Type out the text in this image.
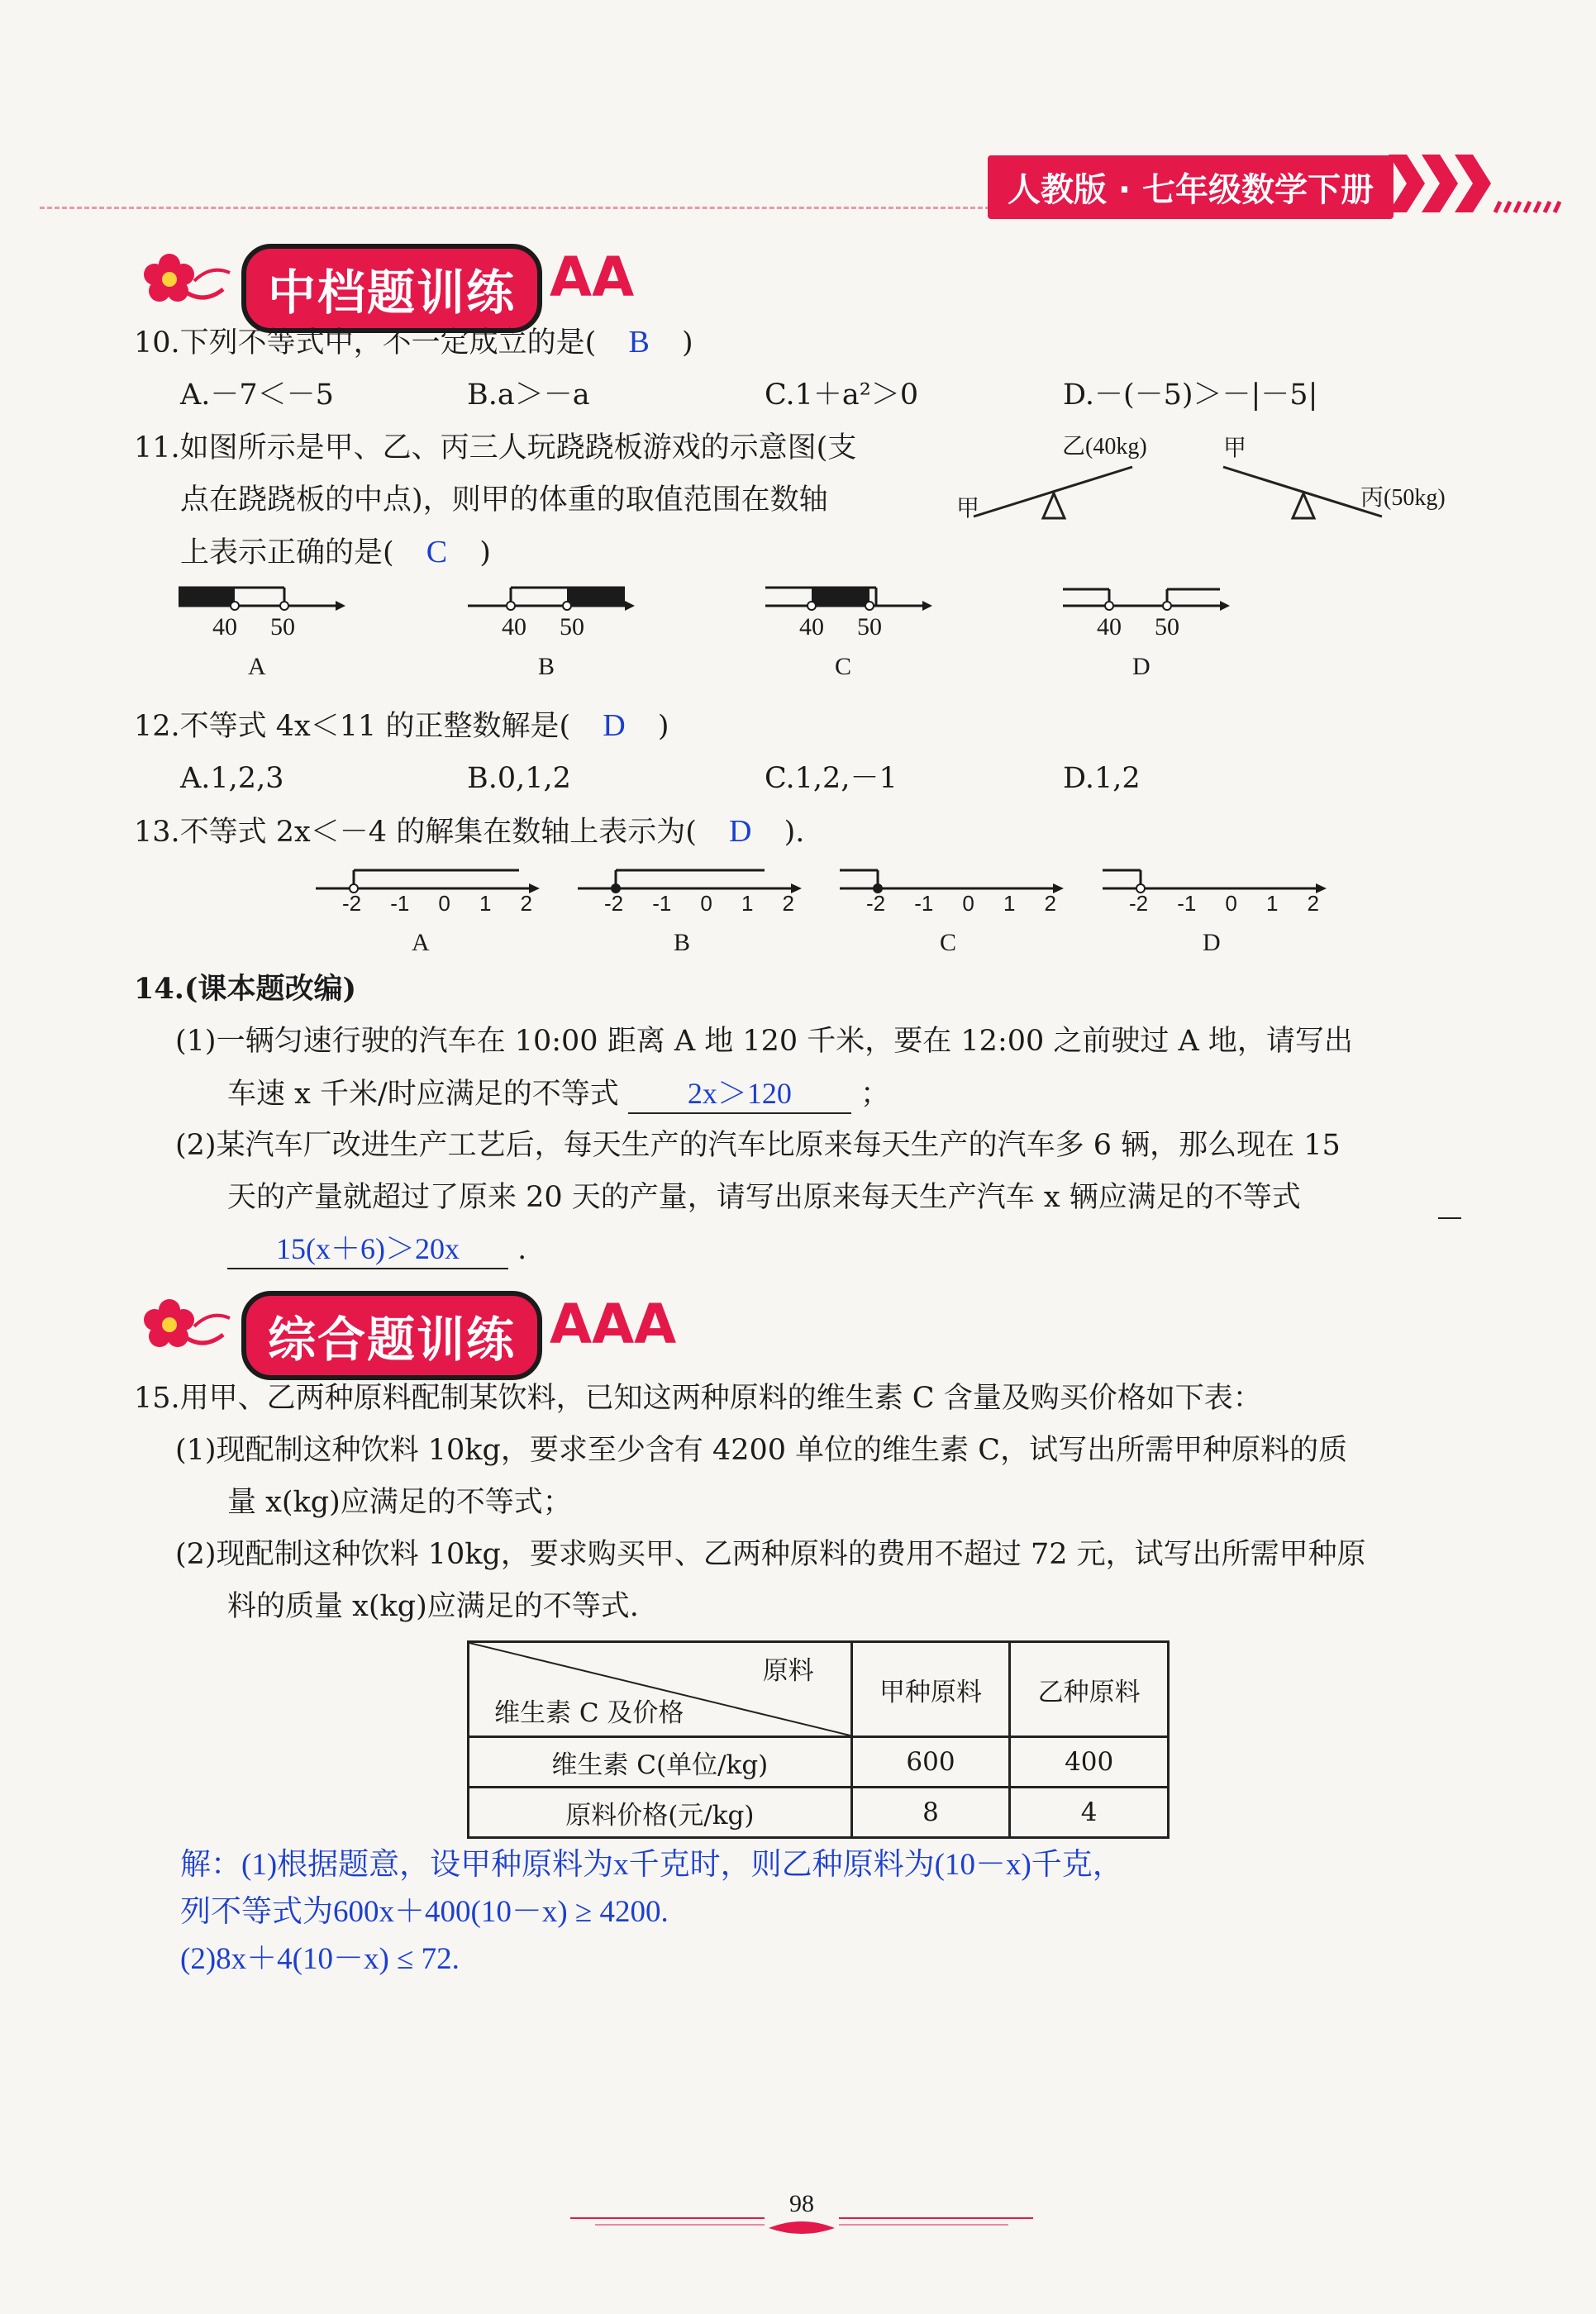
人教版 · 七年级数学下册
中档题训练 AA
10.下列不等式中，不一定成立的是( B )
A.－7＜－5	B.a＞－a	C.1＋a²＞0	D.－(－5)＞－|－5|
11.如图所示是甲、乙、丙三人玩跷跷板游戏的示意图(支
点在跷跷板的中点)，则甲的体重的取值范围在数轴
上表示正确的是( C )
乙(40kg)	甲
甲	丙(50kg)
40 50
A
40 50
B
40 50
C
40 50
D
12.不等式 4x＜11 的正整数解是( D )
A.1,2,3	B.0,1,2	C.1,2,－1	D.1,2
13.不等式 2x＜－4 的解集在数轴上表示为( D ).
-2 -1 0 1 2
A
-2 -1 0 1 2
B
-2 -1 0 1 2
C
-2 -1 0 1 2
D
14.(课本题改编)
(1)一辆匀速行驶的汽车在 10:00 距离 A 地 120 千米，要在 12:00 之前驶过 A 地，请写出
车速 x 千米/时应满足的不等式 2x＞120 ；
(2)某汽车厂改进生产工艺后，每天生产的汽车比原来每天生产的汽车多 6 辆，那么现在 15
天的产量就超过了原来 20 天的产量，请写出原来每天生产汽车 x 辆应满足的不等式
15(x＋6)＞20x .
综合题训练 AAA
15.用甲、乙两种原料配制某饮料，已知这两种原料的维生素 C 含量及购买价格如下表：
(1)现配制这种饮料 10kg，要求至少含有 4200 单位的维生素 C，试写出所需甲种原料的质
量 x(kg)应满足的不等式；
(2)现配制这种饮料 10kg，要求购买甲、乙两种原料的费用不超过 72 元，试写出所需甲种原
料的质量 x(kg)应满足的不等式.
原料
维生素 C 及价格	甲种原料	乙种原料
维生素 C(单位/kg)	600	400
原料价格(元/kg)	8	4
解：(1)根据题意，设甲种原料为x千克时，则乙种原料为(10－x)千克，
列不等式为600x＋400(10－x) ≥ 4200.
(2)8x＋4(10－x) ≤ 72.
98
